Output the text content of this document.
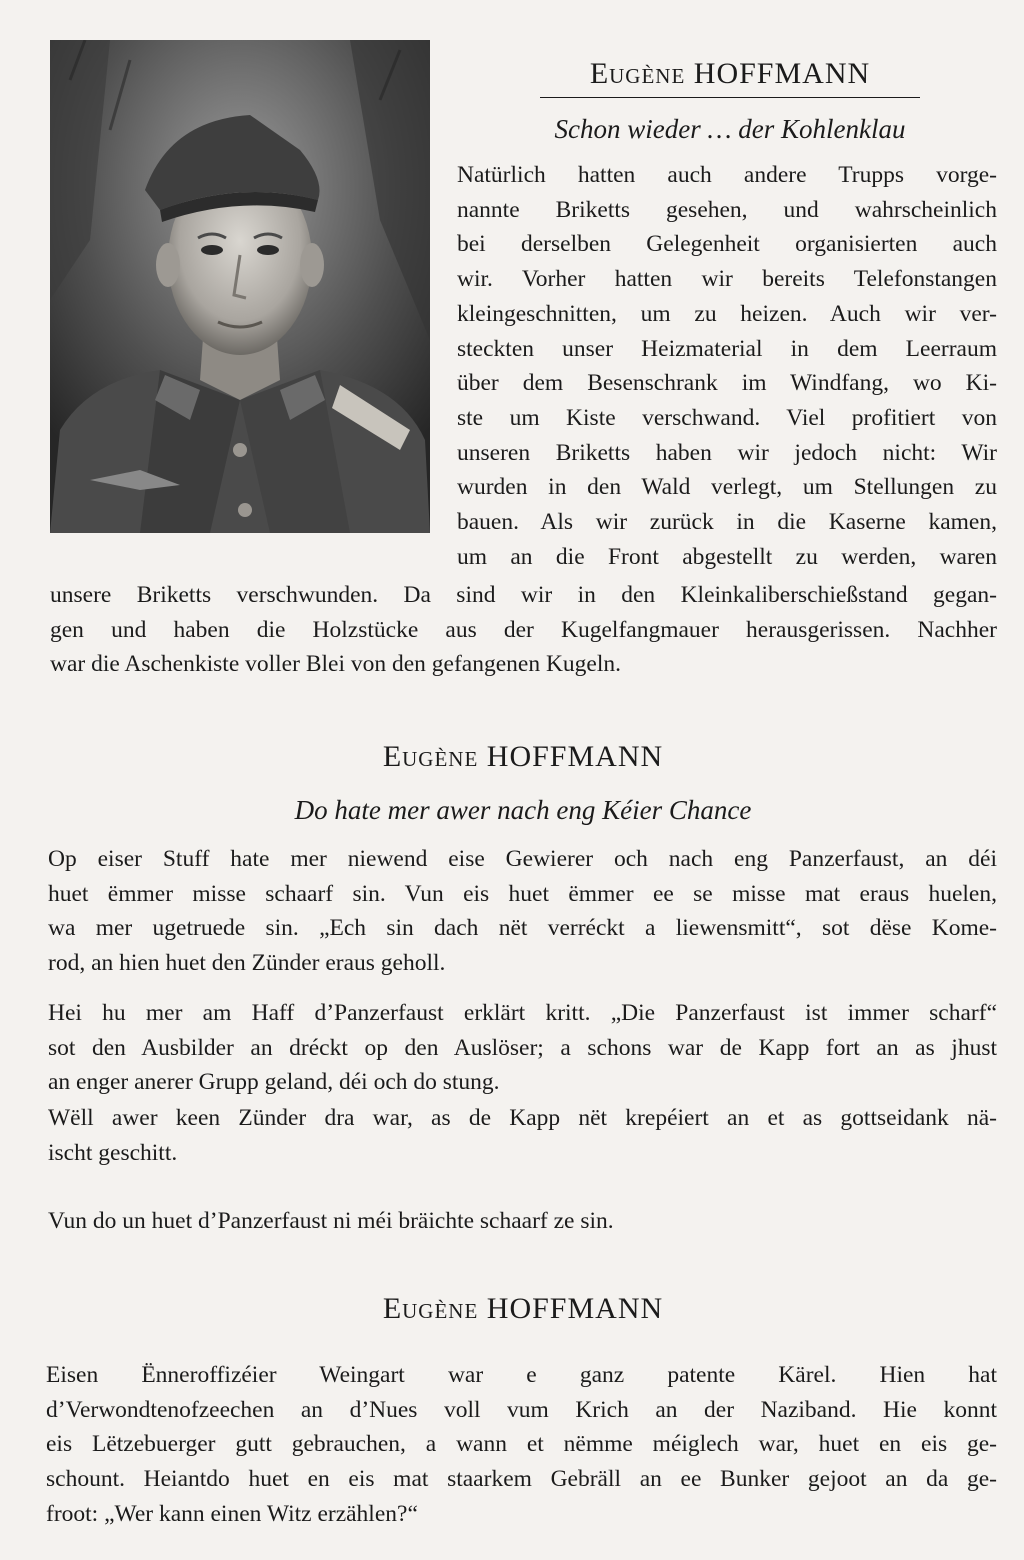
Eugène HOFFMANN
Schon wieder … der Kohlenklau
Natürlich hatten auch andere Trupps vorge-
nannte Briketts gesehen, und wahrscheinlich
bei derselben Gelegenheit organisierten auch
wir. Vorher hatten wir bereits Telefonstangen
kleingeschnitten, um zu heizen. Auch wir ver-
steckten unser Heizmaterial in dem Leerraum
über dem Besenschrank im Windfang, wo Ki-
ste um Kiste verschwand. Viel profitiert von
unseren Briketts haben wir jedoch nicht: Wir
wurden in den Wald verlegt, um Stellungen zu
bauen. Als wir zurück in die Kaserne kamen,
um an die Front abgestellt zu werden, waren
unsere Briketts verschwunden. Da sind wir in den Kleinkaliberschießstand gegan-
gen und haben die Holzstücke aus der Kugelfangmauer herausgerissen. Nachher
war die Aschenkiste voller Blei von den gefangenen Kugeln.
Eugène HOFFMANN
Do hate mer awer nach eng Kéier Chance
Op eiser Stuff hate mer niewend eise Gewierer och nach eng Panzerfaust, an déi
huet ëmmer misse schaarf sin. Vun eis huet ëmmer ee se misse mat eraus huelen,
wa mer ugetruede sin. „Ech sin dach nët verréckt a liewensmitt“, sot dëse Kome-
rod, an hien huet den Zünder eraus geholl.
Hei hu mer am Haff d’Panzerfaust erklärt kritt. „Die Panzerfaust ist immer scharf“
sot den Ausbilder an dréckt op den Auslöser; a schons war de Kapp fort an as jhust
an enger anerer Grupp geland, déi och do stung.
Wëll awer keen Zünder dra war, as de Kapp nët krepéiert an et as gottseidank nä-
ischt geschitt.
Vun do un huet d’Panzerfaust ni méi bräichte schaarf ze sin.
Eugène HOFFMANN
Eisen Ënneroffizéier Weingart war e ganz patente Kärel. Hien hat
d’Verwondtenofzeechen an d’Nues voll vum Krich an der Naziband. Hie konnt
eis Lëtzebuerger gutt gebrauchen, a wann et nëmme méiglech war, huet en eis ge-
schount. Heiantdo huet en eis mat staarkem Gebräll an ee Bunker gejoot an da ge-
froot: „Wer kann einen Witz erzählen?“
